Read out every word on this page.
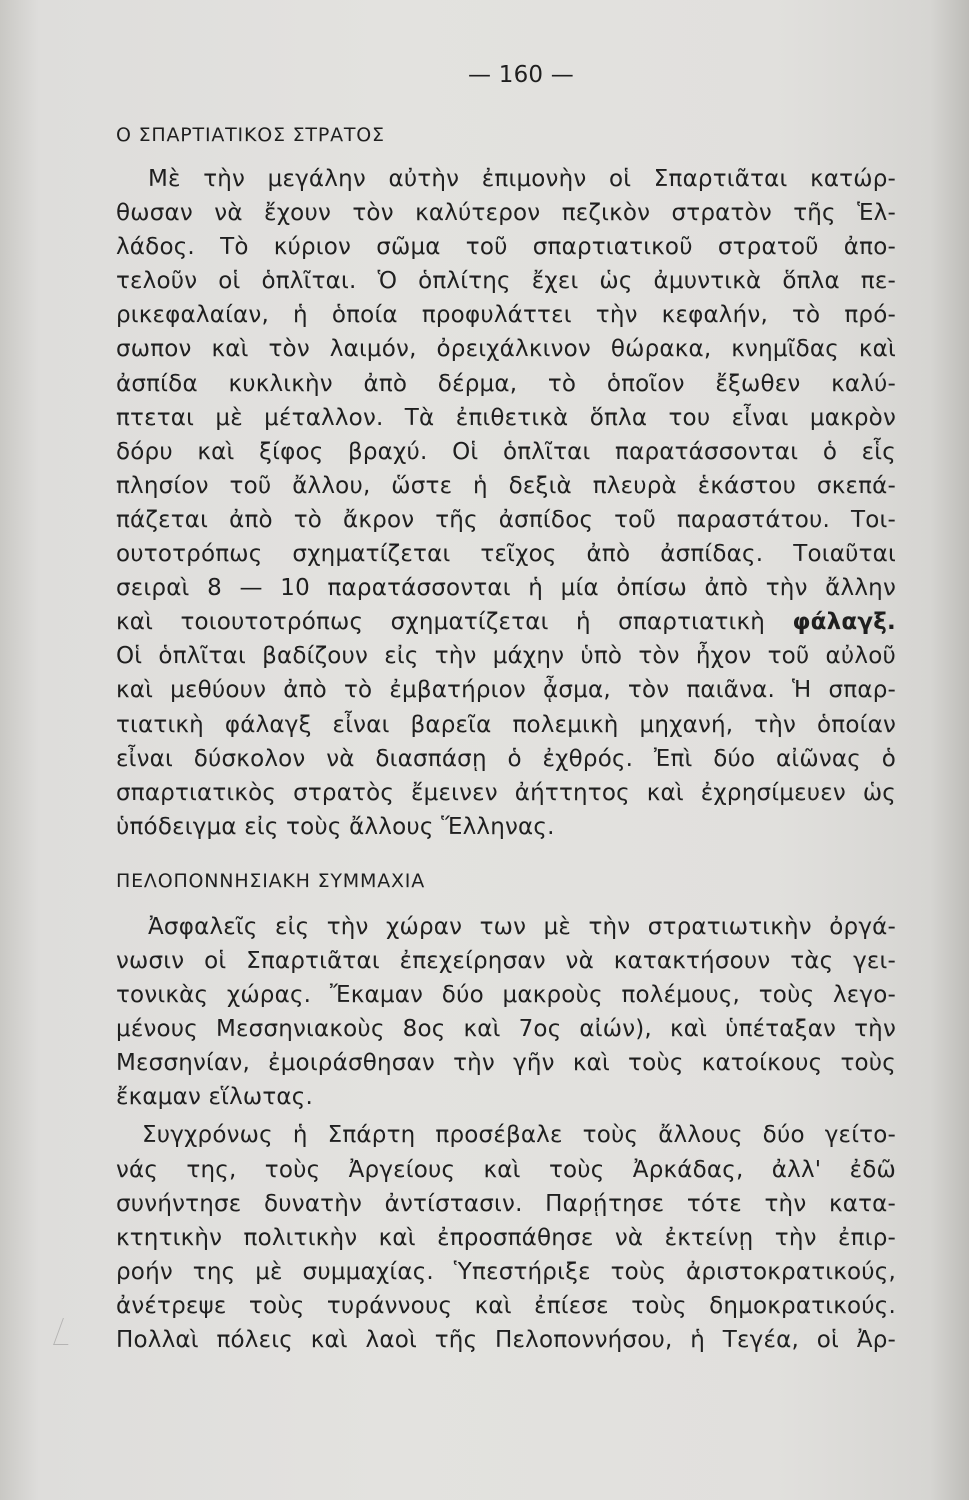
— 160 —
Ο ΣΠΑΡΤΙΑΤΙΚΟΣ ΣΤΡΑΤΟΣ
Μὲ τὴν μεγάλην αὐτὴν ἐπιμονὴν οἱ Σπαρτιᾶται κατώρ-
θωσαν νὰ ἔχουν τὸν καλύτερον πεζικὸν στρατὸν τῆς Ἑλ-
λάδος. Τὸ κύριον σῶμα τοῦ σπαρτιατικοῦ στρατοῦ ἀπο-
τελοῦν οἱ ὁπλῖται. Ὁ ὁπλίτης ἔχει ὡς ἀμυντικὰ ὅπλα πε-
ρικεφαλαίαν, ἡ ὁποία προφυλάττει τὴν κεφαλήν, τὸ πρό-
σωπον καὶ τὸν λαιμόν, ὀρειχάλκινον θώρακα, κνημῖδας καὶ
ἀσπίδα κυκλικὴν ἀπὸ δέρμα, τὸ ὁποῖον ἔξωθεν καλύ-
πτεται μὲ μέταλλον. Τὰ ἐπιθετικὰ ὅπλα του εἶναι μακρὸν
δόρυ καὶ ξίφος βραχύ. Οἱ ὁπλῖται παρατάσσονται ὁ εἷς
πλησίον τοῦ ἄλλου, ὥστε ἡ δεξιὰ πλευρὰ ἑκάστου σκεπά-
πάζεται ἀπὸ τὸ ἄκρον τῆς ἀσπίδος τοῦ παραστάτου. Τοι-
ουτοτρόπως σχηματίζεται τεῖχος ἀπὸ ἀσπίδας. Τοιαῦται
σειραὶ 8 — 10 παρατάσσονται ἡ μία ὀπίσω ἀπὸ τὴν ἄλλην
καὶ τοιουτοτρόπως σχηματίζεται ἡ σπαρτιατικὴ φάλαγξ.
Οἱ ὁπλῖται βαδίζουν εἰς τὴν μάχην ὑπὸ τὸν ἦχον τοῦ αὐλοῦ
καὶ μεθύουν ἀπὸ τὸ ἐμβατήριον ᾆσμα, τὸν παιᾶνα. Ἡ σπαρ-
τιατικὴ φάλαγξ εἶναι βαρεῖα πολεμικὴ μηχανή, τὴν ὁποίαν
εἶναι δύσκολον νὰ διασπάσῃ ὁ ἐχθρός. Ἐπὶ δύο αἰῶνας ὁ
σπαρτιατικὸς στρατὸς ἔμεινεν ἀήττητος καὶ ἐχρησίμευεν ὡς
ὑπόδειγμα εἰς τοὺς ἄλλους Ἕλληνας.
ΠΕΛΟΠΟΝΝΗΣΙΑΚΗ ΣΥΜΜΑΧΙΑ
Ἀσφαλεῖς εἰς τὴν χώραν των μὲ τὴν στρατιωτικὴν ὀργά-
νωσιν οἱ Σπαρτιᾶται ἐπεχείρησαν νὰ κατακτήσουν τὰς γει-
τονικὰς χώρας. Ἔκαμαν δύο μακροὺς πολέμους, τοὺς λεγο-
μένους Μεσσηνιακοὺς 8ος καὶ 7ος αἰών), καὶ ὑπέταξαν τὴν
Μεσσηνίαν, ἐμοιράσθησαν τὴν γῆν καὶ τοὺς κατοίκους τοὺς
ἔκαμαν εἵλωτας.
Συγχρόνως ἡ Σπάρτη προσέβαλε τοὺς ἄλλους δύο γείτο-
νάς της, τοὺς Ἀργείους καὶ τοὺς Ἀρκάδας, ἀλλ' ἐδῶ
συνήντησε δυνατὴν ἀντίστασιν. Παρῄτησε τότε τὴν κατα-
κτητικὴν πολιτικὴν καὶ ἐπροσπάθησε νὰ ἐκτείνῃ τὴν ἐπιρ-
ροήν της μὲ συμμαχίας. Ὑπεστήριξε τοὺς ἀριστοκρατικούς,
ἀνέτρεψε τοὺς τυράννους καὶ ἐπίεσε τοὺς δημοκρατικούς.
Πολλαὶ πόλεις καὶ λαοὶ τῆς Πελοποννήσου, ἡ Τεγέα, οἱ Ἀρ-
